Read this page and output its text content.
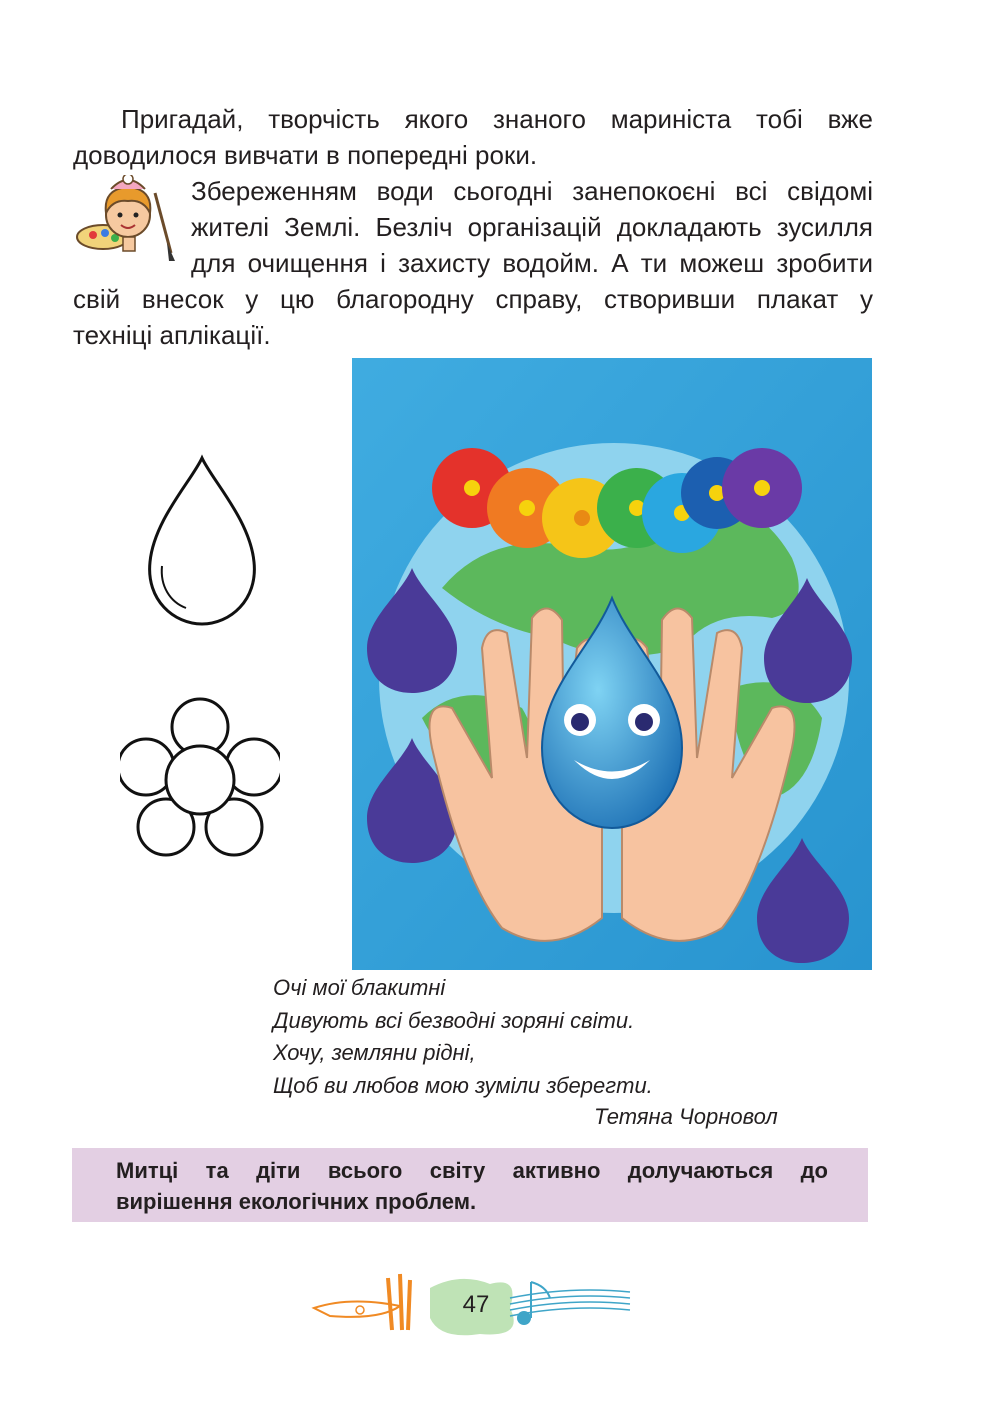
Пригадай, творчість якого знаного мариніста тобі вже доводилося вивчати в попередні роки.
Збереженням води сьогодні занепокоєні всі свідомі
жителі Землі. Безліч організацій докладають зусилля
для очищення і захисту водойм. А ти можеш зробити
свій внесок у цю благородну справу, створивши плакат у
техніці аплікації.
Очі мої блакитні
Дивують всі безводні зоряні світи.
Хочу, земляни рідні,
Щоб ви любов мою зуміли зберегти.
Тетяна Чорновол
Митці та діти всього світу активно долучаються до
вирішення екологічних проблем.
47
